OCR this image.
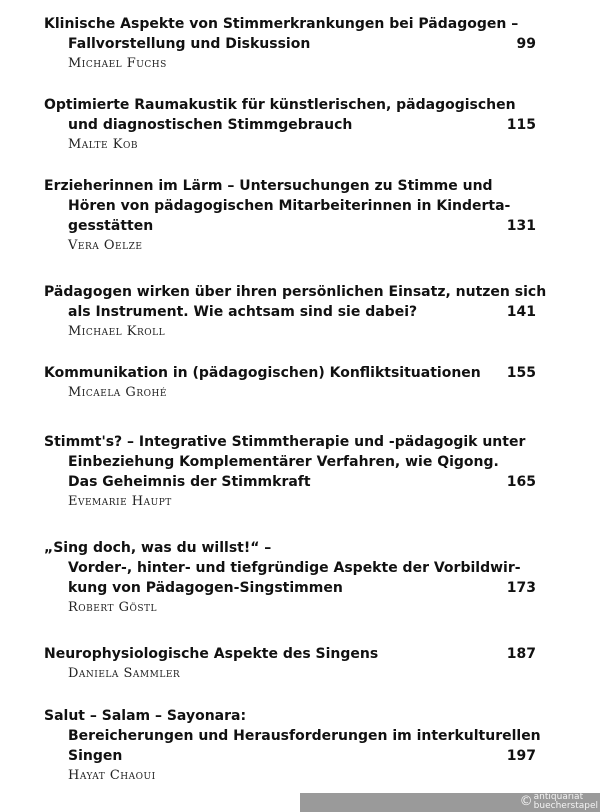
Klinische Aspekte von Stimmerkrankungen bei Pädagogen –
Fallvorstellung und Diskussion	99
Michael Fuchs
Optimierte Raumakustik für künstlerischen, pädagogischen
und diagnostischen Stimmgebrauch	115
Malte Kob
Erzieherinnen im Lärm – Untersuchungen zu Stimme und
Hören von pädagogischen Mitarbeiterinnen in Kinderta-
gesstätten	131
Vera Oelze
Pädagogen wirken über ihren persönlichen Einsatz, nutzen sich
als Instrument. Wie achtsam sind sie dabei?	141
Michael Kroll
Kommunikation in (pädagogischen) Konfliktsituationen 155
Micaela Grohé
Stimmt's? – Integrative Stimmtherapie und -pädagogik unter
Einbeziehung Komplementärer Verfahren, wie Qigong.
Das Geheimnis der Stimmkraft	165
Evemarie Haupt
„Sing doch, was du willst!“ –
Vorder-, hinter- und tiefgründige Aspekte der Vorbildwir-
kung von Pädagogen-Singstimmen	173
Robert Göstl
Neurophysiologische Aspekte des Singens	187
Daniela Sammler
Salut – Salam – Sayonara:
Bereicherungen und Herausforderungen im interkulturellen
Singen	197
Hayat Chaoui
© antiquariat
buecherstapel
